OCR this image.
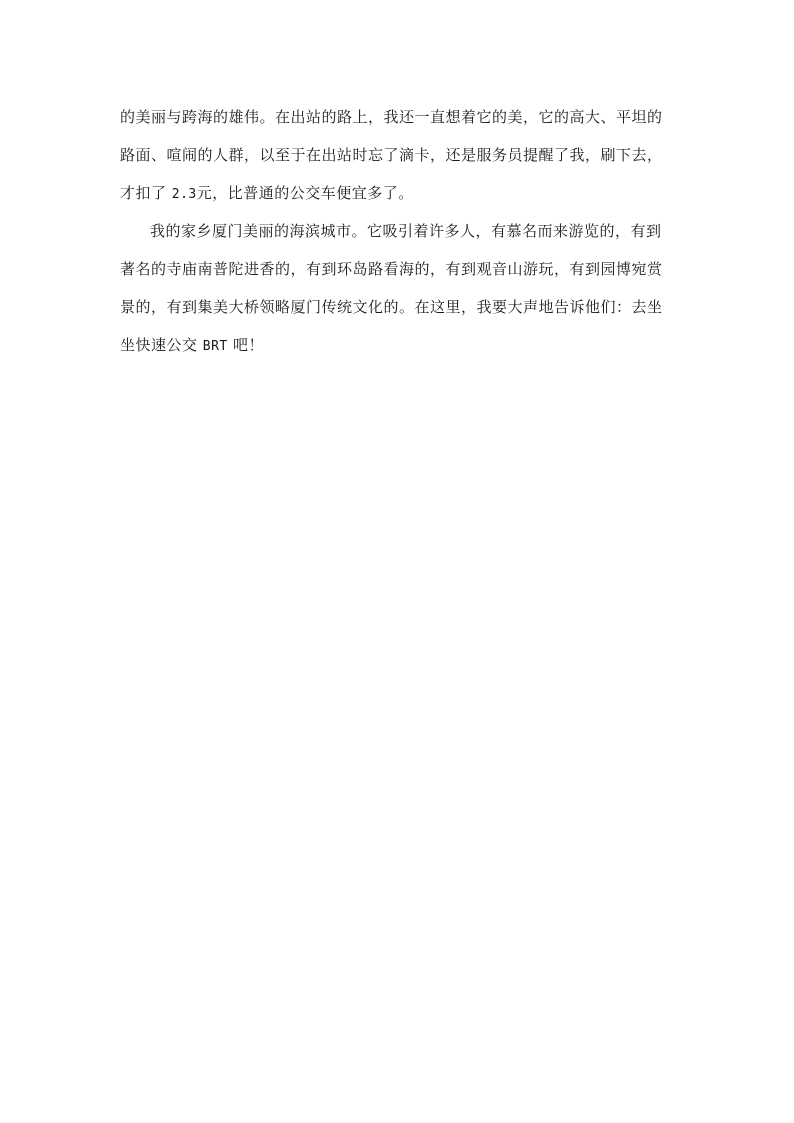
的美丽与跨海的雄伟。在出站的路上，我还一直想着它的美，它的高大、平坦的
路面、喧闹的人群，以至于在出站时忘了滴卡，还是服务员提醒了我，刷下去，
才扣了 2.3元，比普通的公交车便宜多了。
我的家乡厦门美丽的海滨城市。它吸引着许多人，有慕名而来游览的，有到
著名的寺庙南普陀进香的，有到环岛路看海的，有到观音山游玩，有到园博宛赏
景的，有到集美大桥领略厦门传统文化的。在这里，我要大声地告诉他们：去坐
坐快速公交 BRT 吧！
